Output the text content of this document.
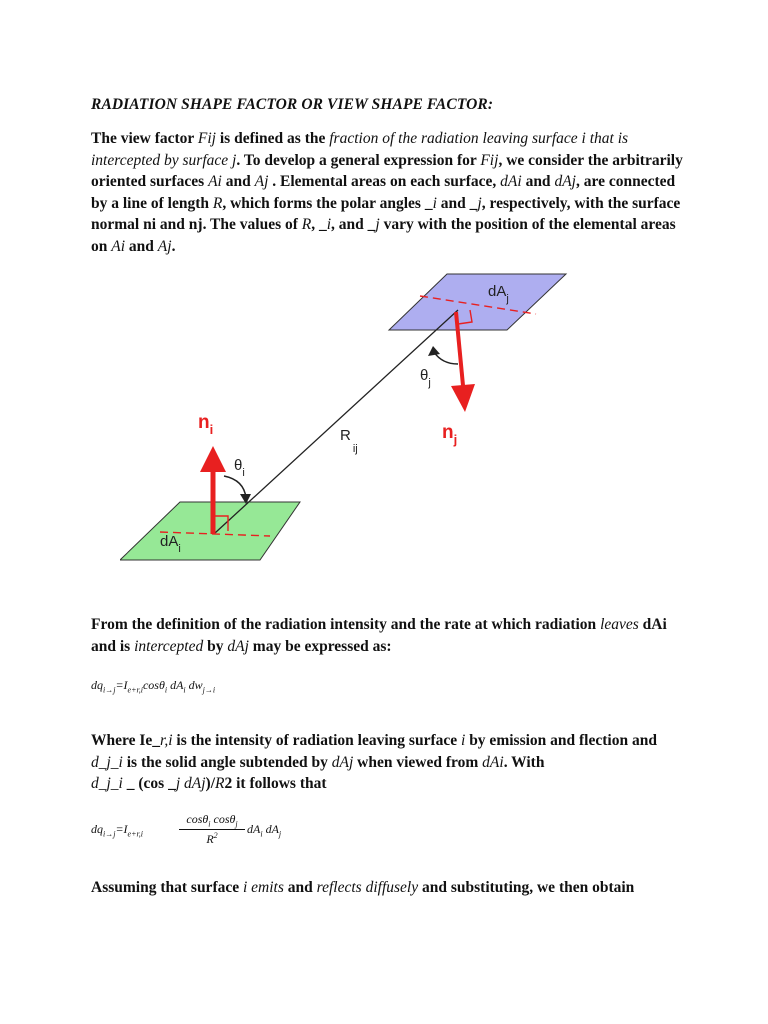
RADIATION SHAPE FACTOR OR VIEW SHAPE FACTOR:
The view factor Fij is defined as the fraction of the radiation leaving surface i that is intercepted by surface j. To develop a general expression for Fij, we consider the arbitrarily oriented surfaces Ai and Aj . Elemental areas on each surface, dAi and dAj, are connected by a line of length R, which forms the polar angles _i and _j, respectively, with the surface normal ni and nj. The values of R, _i, and _j vary with the position of the elemental areas on Ai and Aj.
$dA_j$
$dA_i$
$n_i$	$n_j$
$R_{ij}$
$\theta_i$
$\theta_j$
From the definition of the radiation intensity and the rate at which radiation leaves dAi and is intercepted by dAj may be expressed as:
$dq_{i\to j}=I_{e+r,i}\cos\theta_i$ $dA_i$ $dw_{j\to i}$
Where Ie_r,i is the intensity of radiation leaving surface i by emission and flection and d_j_i is the solid angle subtended by dAj when viewed from dAi. With
d_j_i _ (cos _j dAj)/R2 it follows that
$dq_{i\to j}=I_{e+r,i}$	$\frac{\cos\theta_i \cos\theta_j}{R^2} dA_i$ $dA_j$
Assuming that surface i emits and reflects diffusely and substituting, we then obtain
